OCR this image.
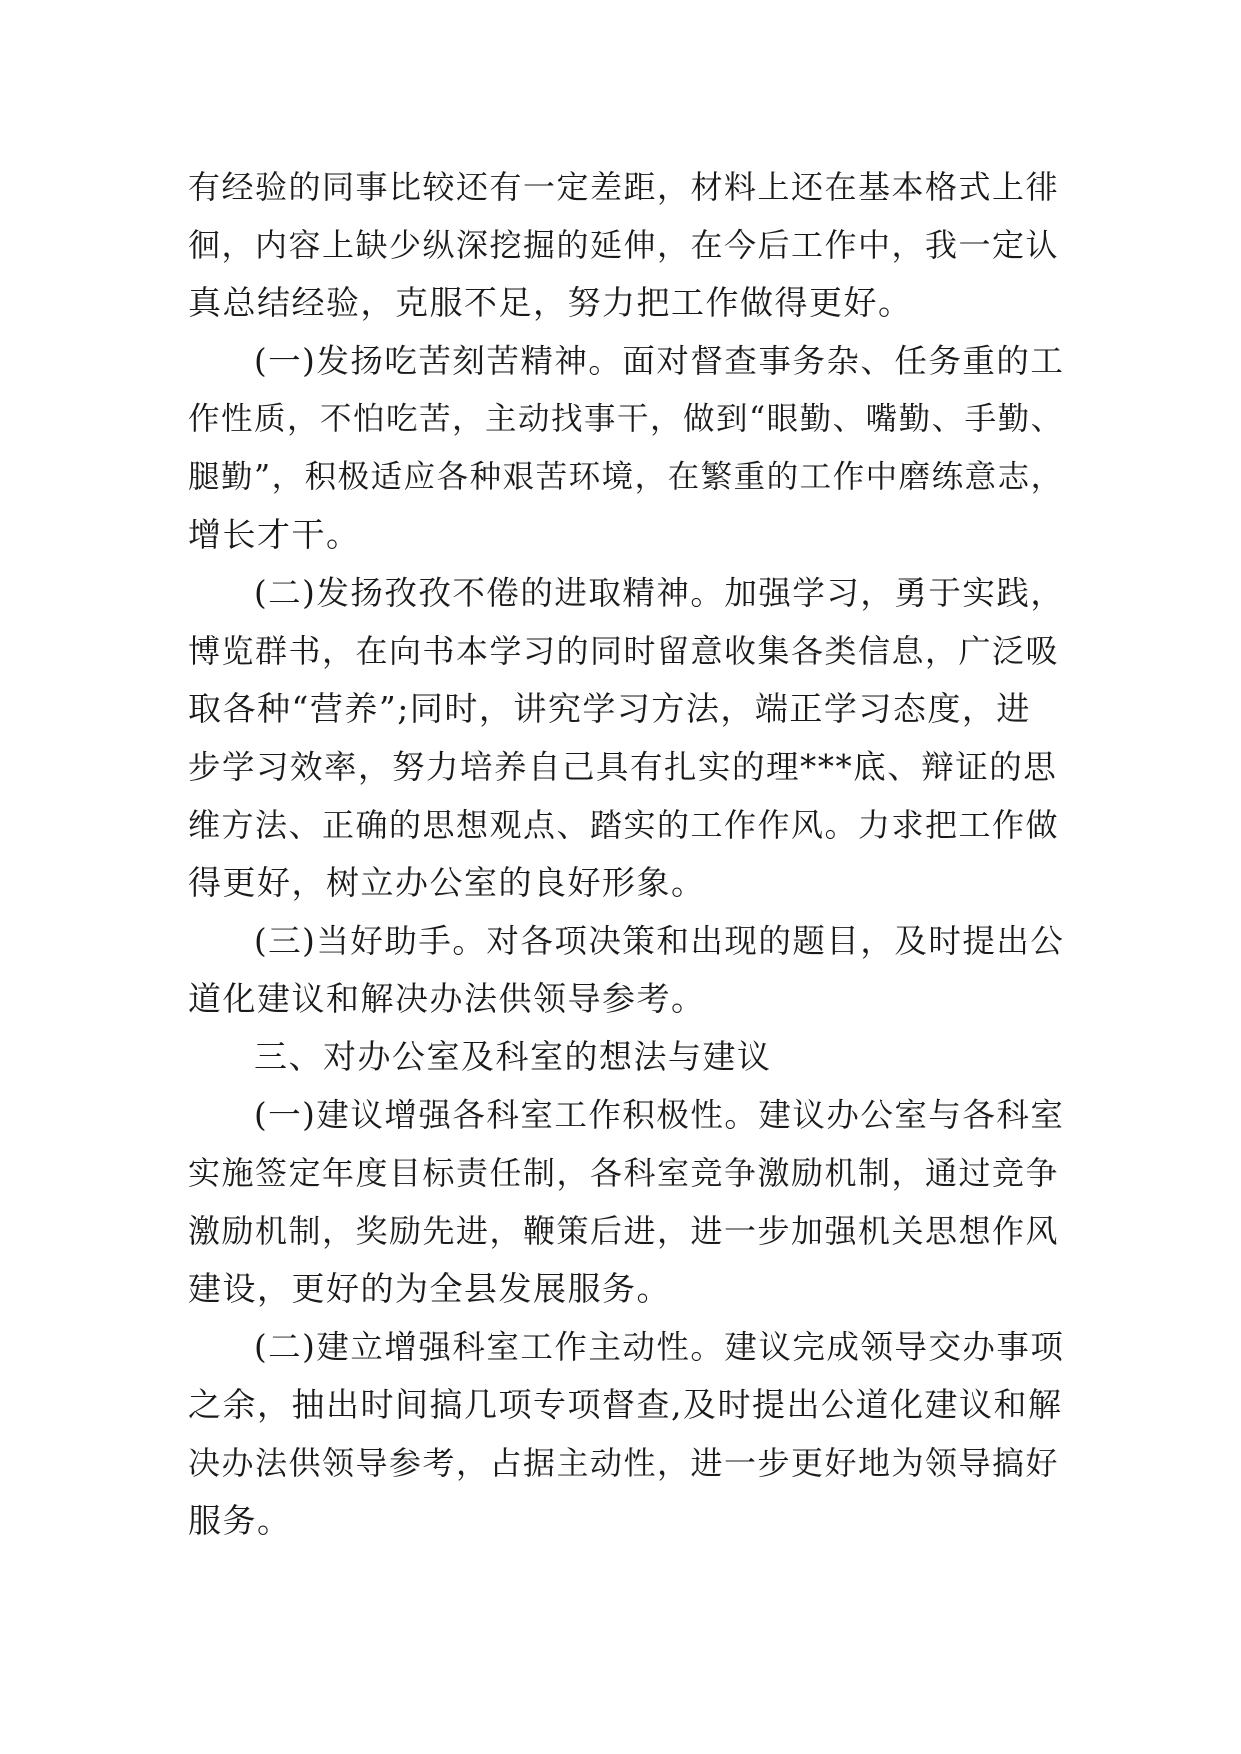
有经验的同事比较还有一定差距，材料上还在基本格式上徘
徊，内容上缺少纵深挖掘的延伸，在今后工作中，我一定认
真总结经验，克服不足，努力把工作做得更好。
(一)发扬吃苦刻苦精神。面对督查事务杂、任务重的工
作性质，不怕吃苦，主动找事干，做到“眼勤、嘴勤、手勤、
腿勤”，积极适应各种艰苦环境，在繁重的工作中磨练意志，
增长才干。
(二)发扬孜孜不倦的进取精神。加强学习，勇于实践，
博览群书，在向书本学习的同时留意收集各类信息，广泛吸
取各种“营养”;同时，讲究学习方法，端正学习态度，进
步学习效率，努力培养自己具有扎实的理***底、辩证的思
维方法、正确的思想观点、踏实的工作作风。力求把工作做
得更好，树立办公室的良好形象。
(三)当好助手。对各项决策和出现的题目，及时提出公
道化建议和解决办法供领导参考。
三、对办公室及科室的想法与建议
(一)建议增强各科室工作积极性。建议办公室与各科室
实施签定年度目标责任制，各科室竞争激励机制，通过竞争
激励机制，奖励先进，鞭策后进，进一步加强机关思想作风
建设，更好的为全县发展服务。
(二)建立增强科室工作主动性。建议完成领导交办事项
之余，抽出时间搞几项专项督查,及时提出公道化建议和解
决办法供领导参考，占据主动性，进一步更好地为领导搞好
服务。
